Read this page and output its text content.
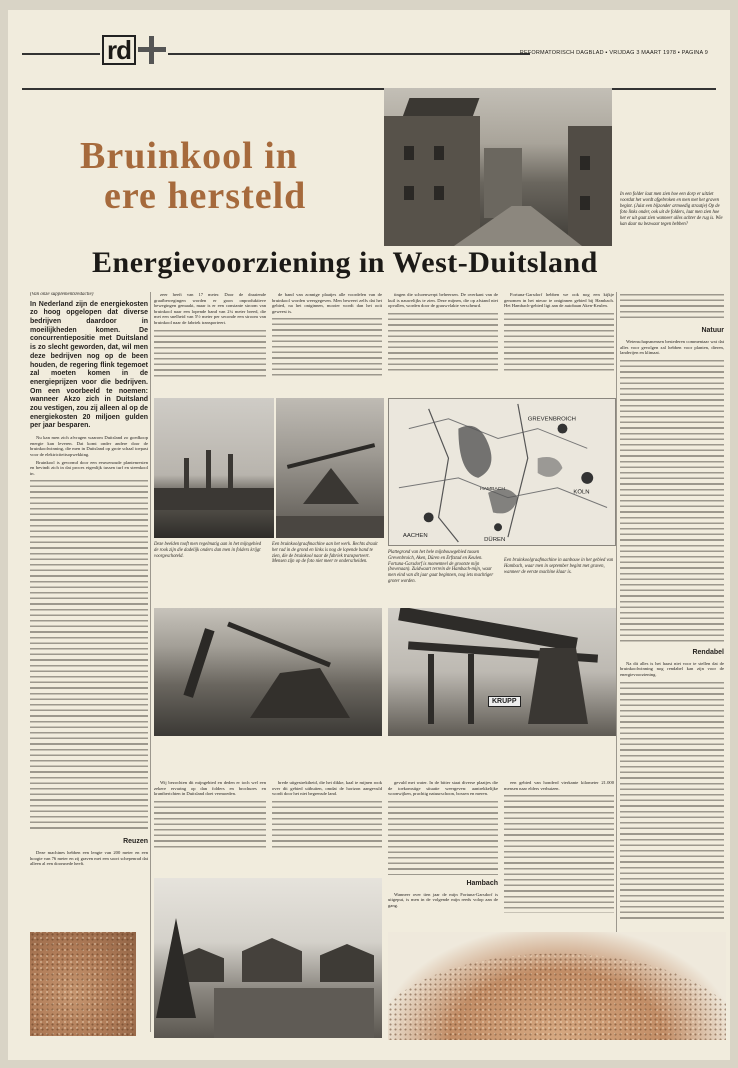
rd	REFORMATORISCH DAGBLAD ▪ VRIJDAG 3 MAART 1978 ▪ PAGINA 9
Bruinkool in
ere hersteld	In een folder laat men zien hoe een dorp er uitziet voordat het wordt afgebroken en men met het graven begint. (Juist een bijzonder armoedig straatje) Op de foto links onder, ook uit de folders, laat men zien hoe het er uit gaat zien wanneer alles achter de rug is. Wie kan daar nu bezwaar tegen hebben?
Energievoorziening in West-Duitsland

(Van onze supplementsredactie)

In Nederland zijn de energiekosten zo hoog opgelopen dat diverse bedrijven daardoor in moeilijkheden komen. De concurrentiepositie met Duitsland is zo slecht geworden, dat, wil men deze bedrijven nog op de been houden, de regering flink tegemoet zal moeten komen in de energieprijzen voor die bedrijven. Om een voorbeeld te noemen: wanneer Akzo zich in Duitsland zou vestigen, zou zij alleen al op de energiekosten 20 miljoen gulden per jaar besparen.

Nu kan men zich afvragen waarom Duitsland zo goedkoop energie kan leveren. Dat komt onder andere door de bruinkoolwinning, die men in Duitsland op grote schaal toepast voor de elektriciteitsopwekking.

Bruinkool is gevormd door een eeuwenoude plantenresten en bevindt zich in dat proces eigenlijk tussen turf en steenkool in.

Reuzen

Deze machines hebben een lengte van 200 meter en een hoogte van 76 meter en zij graven met een soort schepenrad dat alleen al een doorsnede heeft.

zeer heeft van 17 meter. Door de draaiende graafbewegingen worden er goon onproduktieve bewegingen gemaakt, maar is er een constante stroom van bruinkool naar een lopende band van 2¼ meter breed, die met een snelheid van 5½ meter per seconde een stroom van bruinkool naar de fabriek transporteert.

de band van zonnige plaatjes alle voordelen van de bruinkool worden weergegeven. Men beweert zelfs dat het gebied, na het ontginnen, mooier wordt dan het ooit geweest is.

tingen die schoenwerpt beheersen. De overkant van de kuil is nauwelijks te zien. Deze mijnen, die op afstand niet opvallen, worden door de grauwvlakte verscheurd.

Fortuna-Garsdorf hebben we ook nog een kijkje genomen in het nieuw te ontginnen gebied bij Hambach. Het Hambach-gebied ligt aan de autobaan Aken-Keulen.

Natuur

Wetenschapsmensen bestederen commentaar wat dat alles voor gevolgen zal hebben voor planten, dieren, landerijen en klimaat.

Rendabel

Na dit alles is het haast niet voor te stellen dat de bruinkoolwinning nog rendabel kan zijn voor de energievoorziening.

GREVENBROICH
KÖLN
DÜREN
AACHEN
HAMBACH
Deze beelden tooft men regelmatig aan in het mijngebied de rook zijn die dadelijk onders dan men in folders krijgt voorgeschoteld.
Een bruinkoolgraafmachine aan het werk. Rechts draait het rad in de grond en links is nog de lopende band te zien, die de bruinkool naar de fabriek transporteert. Mensen zijn op de foto niet meer te onderscheiden.
Plattegrond van het hele mijnbouwgebied tussen Grevenbroich, Aken, Düren en Erftstad en Keulen. Fortuna-Garsdorf is momenteel de grootste mijn (bovenaan). Zuidwaart terrein de Hambach-mijn, waar men eind van dit jaar gaat beginnen, nog iets machtiger groter worden.
Een bruinkoolgraafmachine in aanbouw in het gebied van Hambach, waar men in september begint met graven, wanneer de eerste machine klaar is.
KRUPP

Wij bezochten dit mijngebied en deden er toch wel een zekere ervaring op dan folders en brochures en krantberichten in Duitsland doet vermoeden.

brede uitgestrektheid, die het dikke, kaal te mijnen rook over dit gebied uitbuiten, omdat de horizon aangevuld wordt door het niet begrensde land.

gevuld met water. In de bitter staat diverse plaatjes die de toekomstige situatie weergeven: aantrekkelijke woonwijken, prachtig natuurschoon, bossen en meren.

Hambach

Wanneer over tien jaar de mijn Fortuna-Garsdorf is uitgeput, is men in de volgende mijn reeds volop aan de gang.

een gebied van honderd vierkante kilometer 21.000 mensen naar elders verhuizen.
